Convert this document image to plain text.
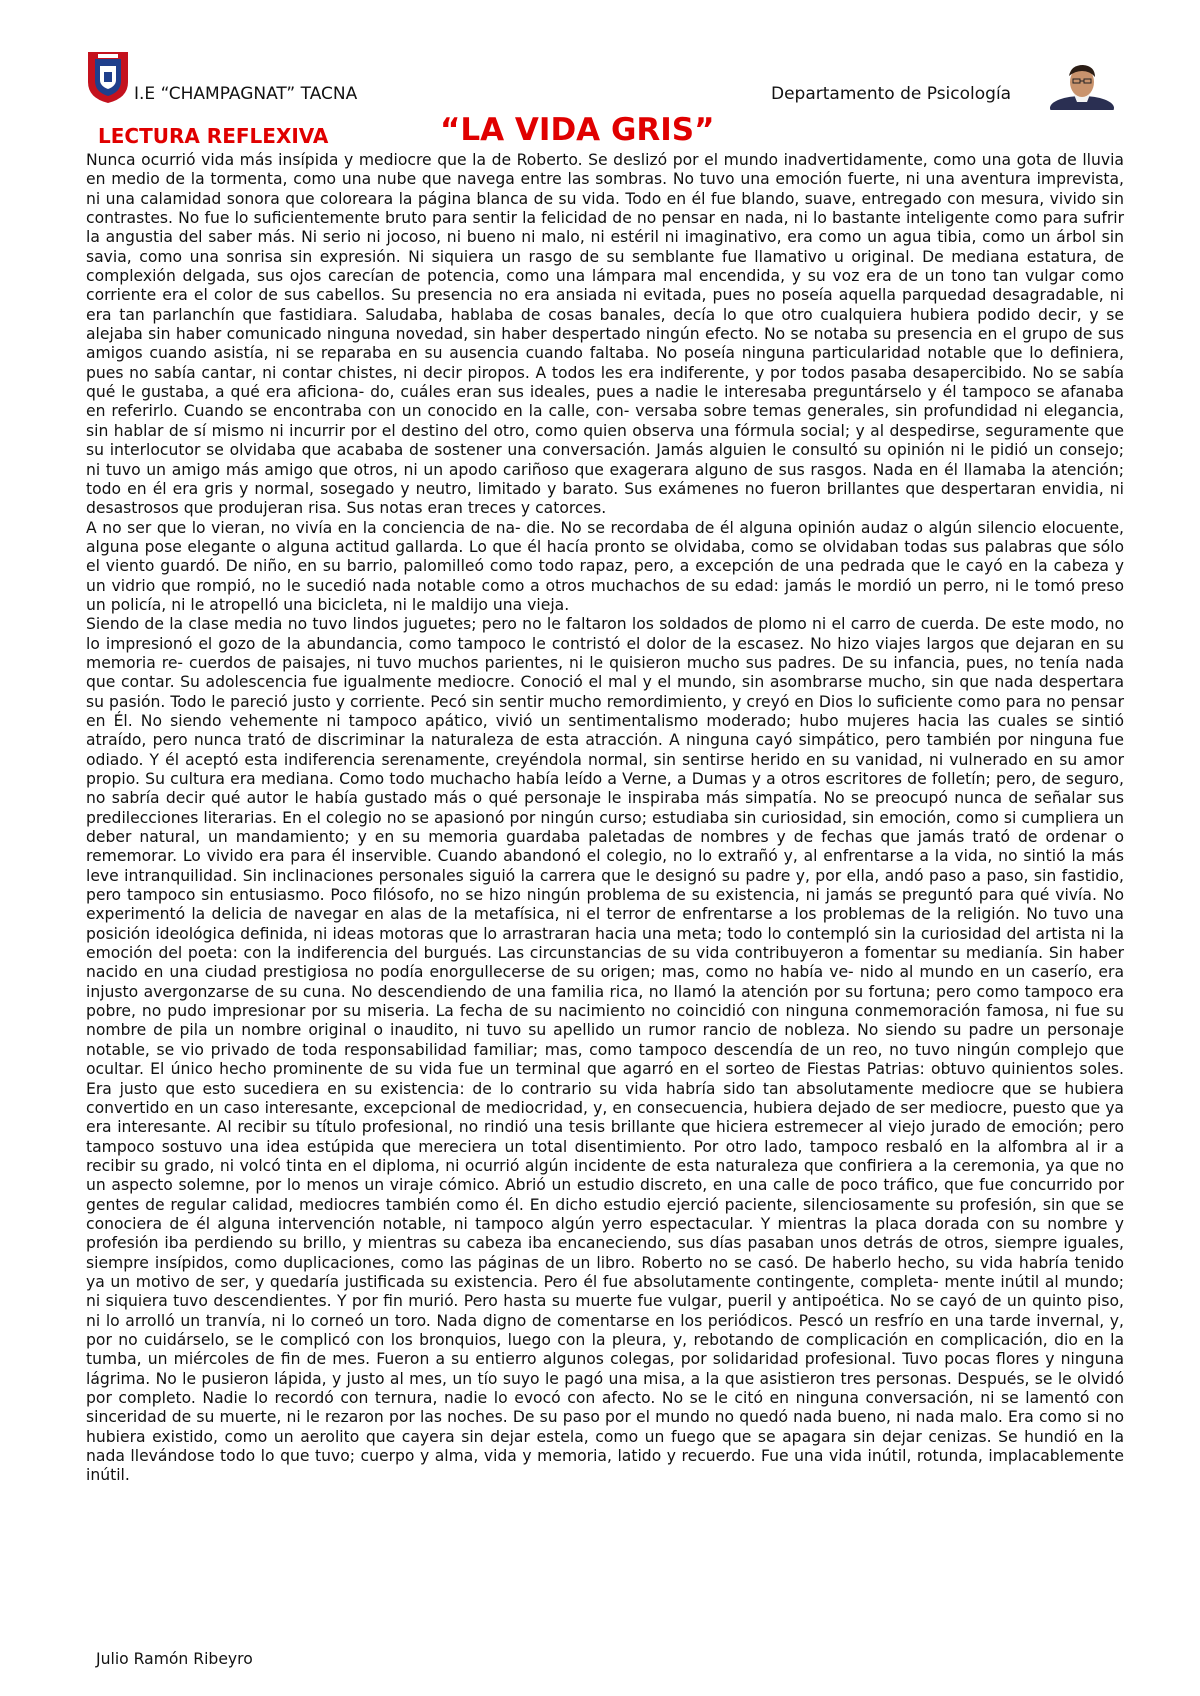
I.E “CHAMPAGNAT” TACNA	Departamento de Psicología
LECTURA REFLEXIVA	“LA VIDA GRIS”

Nunca ocurrió vida más insípida y mediocre que la de Roberto. Se deslizó por el mundo inadvertidamente, como una gota de lluvia en medio de la tormenta, como una nube que navega entre las sombras. No tuvo una emoción fuerte, ni una aventura imprevista, ni una calamidad sonora que coloreara la página blanca de su vida. Todo en él fue blando, suave, entregado con mesura, vivido sin contrastes. No fue lo suficientemente bruto para sentir la felicidad de no pensar en nada, ni lo bastante inteligente como para sufrir la angustia del saber más. Ni serio ni jocoso, ni bueno ni malo, ni estéril ni imaginativo, era como un agua tibia, como un árbol sin savia, como una sonrisa sin expresión. Ni siquiera un rasgo de su semblante fue llamativo u original. De mediana estatura, de complexión delgada, sus ojos carecían de potencia, como una lámpara mal encendida, y su voz era de un tono tan vulgar como corriente era el color de sus cabellos. Su presencia no era ansiada ni evitada, pues no poseía aquella parquedad desagradable, ni era tan parlanchín que fastidiara. Saludaba, hablaba de cosas banales, decía lo que otro cualquiera hubiera podido decir, y se alejaba sin haber comunicado ninguna novedad, sin haber despertado ningún efecto. No se notaba su presencia en el grupo de sus amigos cuando asistía, ni se reparaba en su ausencia cuando faltaba. No poseía ninguna particularidad notable que lo definiera, pues no sabía cantar, ni contar chistes, ni decir piropos. A todos les era indiferente, y por todos pasaba desapercibido. No se sabía qué le gustaba, a qué era aficiona- do, cuáles eran sus ideales, pues a nadie le interesaba preguntárselo y él tampoco se afanaba en referirlo. Cuando se encontraba con un conocido en la calle, con- versaba sobre temas generales, sin profundidad ni elegancia, sin hablar de sí mismo ni incurrir por el destino del otro, como quien observa una fórmula social; y al despedirse, seguramente que su interlocutor se olvidaba que acababa de sostener una conversación. Jamás alguien le consultó su opinión ni le pidió un consejo; ni tuvo un amigo más amigo que otros, ni un apodo cariñoso que exagerara alguno de sus rasgos. Nada en él llamaba la atención; todo en él era gris y normal, sosegado y neutro, limitado y barato. Sus exámenes no fueron brillantes que despertaran envidia, ni desastrosos que produjeran risa. Sus notas eran treces y catorces.

A no ser que lo vieran, no vivía en la conciencia de na- die. No se recordaba de él alguna opinión audaz o algún silencio elocuente, alguna pose elegante o alguna actitud gallarda. Lo que él hacía pronto se olvidaba, como se olvidaban todas sus palabras que sólo el viento guardó. De niño, en su barrio, palomilleó como todo rapaz, pero, a excepción de una pedrada que le cayó en la cabeza y un vidrio que rompió, no le sucedió nada notable como a otros muchachos de su edad: jamás le mordió un perro, ni le tomó preso un policía, ni le atropelló una bicicleta, ni le maldijo una vieja.

Siendo de la clase media no tuvo lindos juguetes; pero no le faltaron los soldados de plomo ni el carro de cuerda. De este modo, no lo impresionó el gozo de la abundancia, como tampoco le contristó el dolor de la escasez. No hizo viajes largos que dejaran en su memoria re- cuerdos de paisajes, ni tuvo muchos parientes, ni le quisieron mucho sus padres. De su infancia, pues, no tenía nada que contar. Su adolescencia fue igualmente mediocre. Conoció el mal y el mundo, sin asombrarse mucho, sin que nada despertara su pasión. Todo le pareció justo y corriente. Pecó sin sentir mucho remordimiento, y creyó en Dios lo suficiente como para no pensar en Él. No siendo vehemente ni tampoco apático, vivió un sentimentalismo moderado; hubo mujeres hacia las cuales se sintió atraído, pero nunca trató de discriminar la naturaleza de esta atracción. A ninguna cayó simpático, pero también por ninguna fue odiado. Y él aceptó esta indiferencia serenamente, creyéndola normal, sin sentirse herido en su vanidad, ni vulnerado en su amor propio. Su cultura era mediana. Como todo muchacho había leído a Verne, a Dumas y a otros escritores de folletín; pero, de seguro, no sabría decir qué autor le había gustado más o qué personaje le inspiraba más simpatía. No se preocupó nunca de señalar sus predilecciones literarias. En el colegio no se apasionó por ningún curso; estudiaba sin curiosidad, sin emoción, como si cumpliera un deber natural, un mandamiento; y en su memoria guardaba paletadas de nombres y de fechas que jamás trató de ordenar o rememorar. Lo vivido era para él inservible. Cuando abandonó el colegio, no lo extrañó y, al enfrentarse a la vida, no sintió la más leve intranquilidad. Sin inclinaciones personales siguió la carrera que le designó su padre y, por ella, andó paso a paso, sin fastidio, pero tampoco sin entusiasmo. Poco filósofo, no se hizo ningún problema de su existencia, ni jamás se preguntó para qué vivía. No experimentó la delicia de navegar en alas de la metafísica, ni el terror de enfrentarse a los problemas de la religión. No tuvo una posición ideológica definida, ni ideas motoras que lo arrastraran hacia una meta; todo lo contempló sin la curiosidad del artista ni la emoción del poeta: con la indiferencia del burgués. Las circunstancias de su vida contribuyeron a fomentar su medianía. Sin haber nacido en una ciudad prestigiosa no podía enorgullecerse de su origen; mas, como no había ve- nido al mundo en un caserío, era injusto avergonzarse de su cuna. No descendiendo de una familia rica, no llamó la atención por su fortuna; pero como tampoco era pobre, no pudo impresionar por su miseria. La fecha de su nacimiento no coincidió con ninguna conmemoración famosa, ni fue su nombre de pila un nombre original o inaudito, ni tuvo su apellido un rumor rancio de nobleza. No siendo su padre un personaje notable, se vio privado de toda responsabilidad familiar; mas, como tampoco descendía de un reo, no tuvo ningún complejo que ocultar. El único hecho prominente de su vida fue un terminal que agarró en el sorteo de Fiestas Patrias: obtuvo quinientos soles. Era justo que esto sucediera en su existencia: de lo contrario su vida habría sido tan absolutamente mediocre que se hubiera convertido en un caso interesante, excepcional de mediocridad, y, en consecuencia, hubiera dejado de ser mediocre, puesto que ya era interesante. Al recibir su título profesional, no rindió una tesis brillante que hiciera estremecer al viejo jurado de emoción; pero tampoco sostuvo una idea estúpida que mereciera un total disentimiento. Por otro lado, tampoco resbaló en la alfombra al ir a recibir su grado, ni volcó tinta en el diploma, ni ocurrió algún incidente de esta naturaleza que confiriera a la ceremonia, ya que no un aspecto solemne, por lo menos un viraje cómico. Abrió un estudio discreto, en una calle de poco tráfico, que fue concurrido por gentes de regular calidad, mediocres también como él. En dicho estudio ejerció paciente, silenciosamente su profesión, sin que se conociera de él alguna intervención notable, ni tampoco algún yerro espectacular. Y mientras la placa dorada con su nombre y profesión iba perdiendo su brillo, y mientras su cabeza iba encaneciendo, sus días pasaban unos detrás de otros, siempre iguales, siempre insípidos, como duplicaciones, como las páginas de un libro. Roberto no se casó. De haberlo hecho, su vida habría tenido ya un motivo de ser, y quedaría justificada su existencia. Pero él fue absolutamente contingente, completa- mente inútil al mundo; ni siquiera tuvo descendientes. Y por fin murió. Pero hasta su muerte fue vulgar, pueril y antipoética. No se cayó de un quinto piso, ni lo arrolló un tranvía, ni lo corneó un toro. Nada digno de comentarse en los periódicos. Pescó un resfrío en una tarde invernal, y, por no cuidárselo, se le complicó con los bronquios, luego con la pleura, y, rebotando de complicación en complicación, dio en la tumba, un miércoles de fin de mes. Fueron a su entierro algunos colegas, por solidaridad profesional. Tuvo pocas flores y ninguna lágrima. No le pusieron lápida, y justo al mes, un tío suyo le pagó una misa, a la que asistieron tres personas. Después, se le olvidó por completo. Nadie lo recordó con ternura, nadie lo evocó con afecto. No se le citó en ninguna conversación, ni se lamentó con sinceridad de su muerte, ni le rezaron por las noches. De su paso por el mundo no quedó nada bueno, ni nada malo. Era como si no hubiera existido, como un aerolito que cayera sin dejar estela, como un fuego que se apagara sin dejar cenizas. Se hundió en la nada llevándose todo lo que tuvo; cuerpo y alma, vida y memoria, latido y recuerdo. Fue una vida inútil, rotunda, implacablemente inútil.

Julio Ramón Ribeyro
